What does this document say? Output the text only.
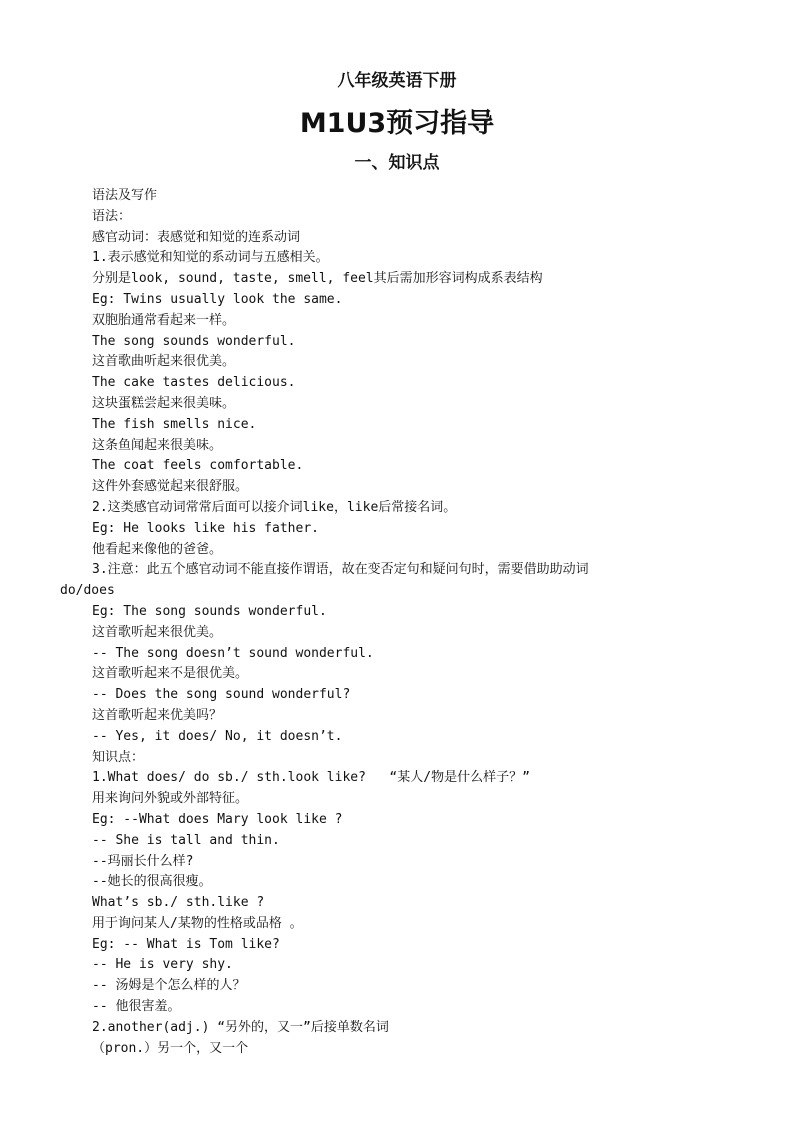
八年级英语下册
M1U3预习指导
一、知识点
语法及写作
语法：
感官动词：表感觉和知觉的连系动词
1.表示感觉和知觉的系动词与五感相关。
分别是look, sound, taste, smell, feel其后需加形容词构成系表结构
Eg: Twins usually look the same.
双胞胎通常看起来一样。
The song sounds wonderful.
这首歌曲听起来很优美。
The cake tastes delicious.
这块蛋糕尝起来很美味。
The fish smells nice.
这条鱼闻起来很美味。
The coat feels comfortable.
这件外套感觉起来很舒服。
2.这类感官动词常常后面可以接介词like，like后常接名词。
Eg: He looks like his father.
他看起来像他的爸爸。
3.注意：此五个感官动词不能直接作谓语，故在变否定句和疑问句时，需要借助助动词
do/does
Eg: The song sounds wonderful.
这首歌听起来很优美。
-- The song doesn’t sound wonderful.
这首歌听起来不是很优美。
-- Does the song sound wonderful?
这首歌听起来优美吗？
-- Yes, it does/ No, it doesn’t.
知识点：
1.What does/ do sb./ sth.look like?   “某人/物是什么样子？”
用来询问外貌或外部特征。
Eg: --What does Mary look like ?
-- She is tall and thin.
--玛丽长什么样?
--她长的很高很瘦。
What’s sb./ sth.like ?
用于询问某人/某物的性格或品格 。
Eg: -- What is Tom like?
-- He is very shy.
-- 汤姆是个怎么样的人？
-- 他很害羞。
2.another(adj.) “另外的，又一”后接单数名词
（pron.）另一个，又一个
